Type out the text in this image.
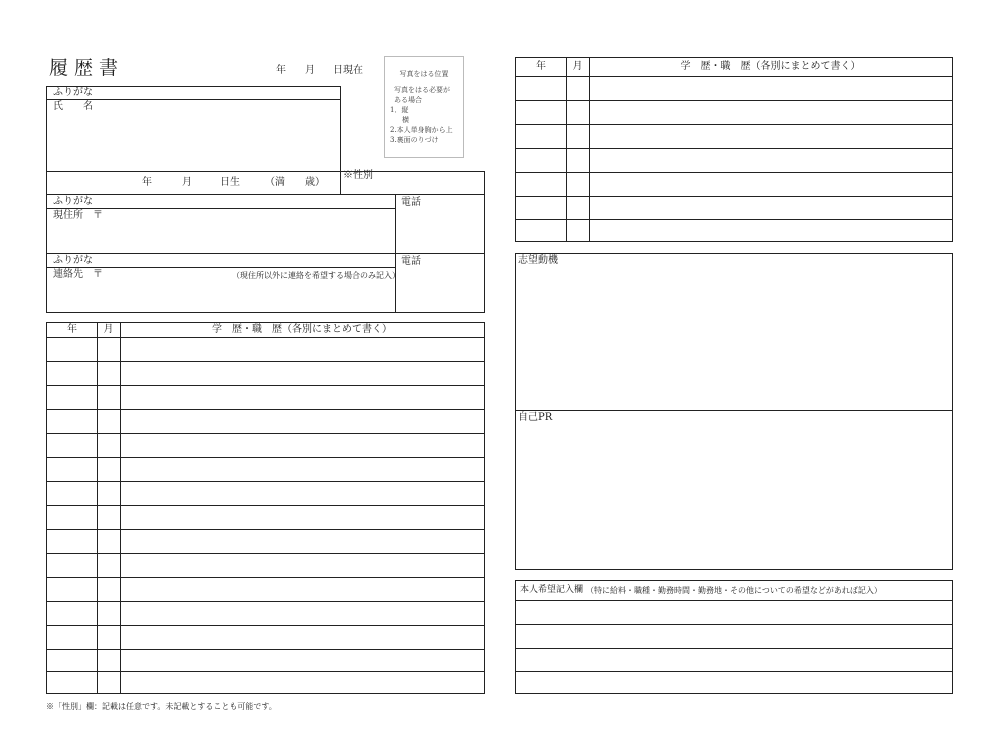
履歴書	年 月 日現在	写真をはる位置
写真をはる必要が
ある場合
1．縦
横
2.本人単身胸から上
3.裏面のりづけ
ふりがな
氏　　名
年	月	日生	（満　　歳）
※性別
ふりがな
現住所　〒
電話
ふりがな
連絡先　〒	（現住所以外に連絡を希望する場合のみ記入）
電話
年	月	学　歴・職　歴（各別にまとめて書く）
※「性別」欄：記載は任意です。未記載とすることも可能です。
年	月	学　歴・職　歴（各別にまとめて書く）
志望動機
自己PR
本人希望記入欄 （特に給料・職種・勤務時間・勤務地・その他についての希望などがあれば記入）
